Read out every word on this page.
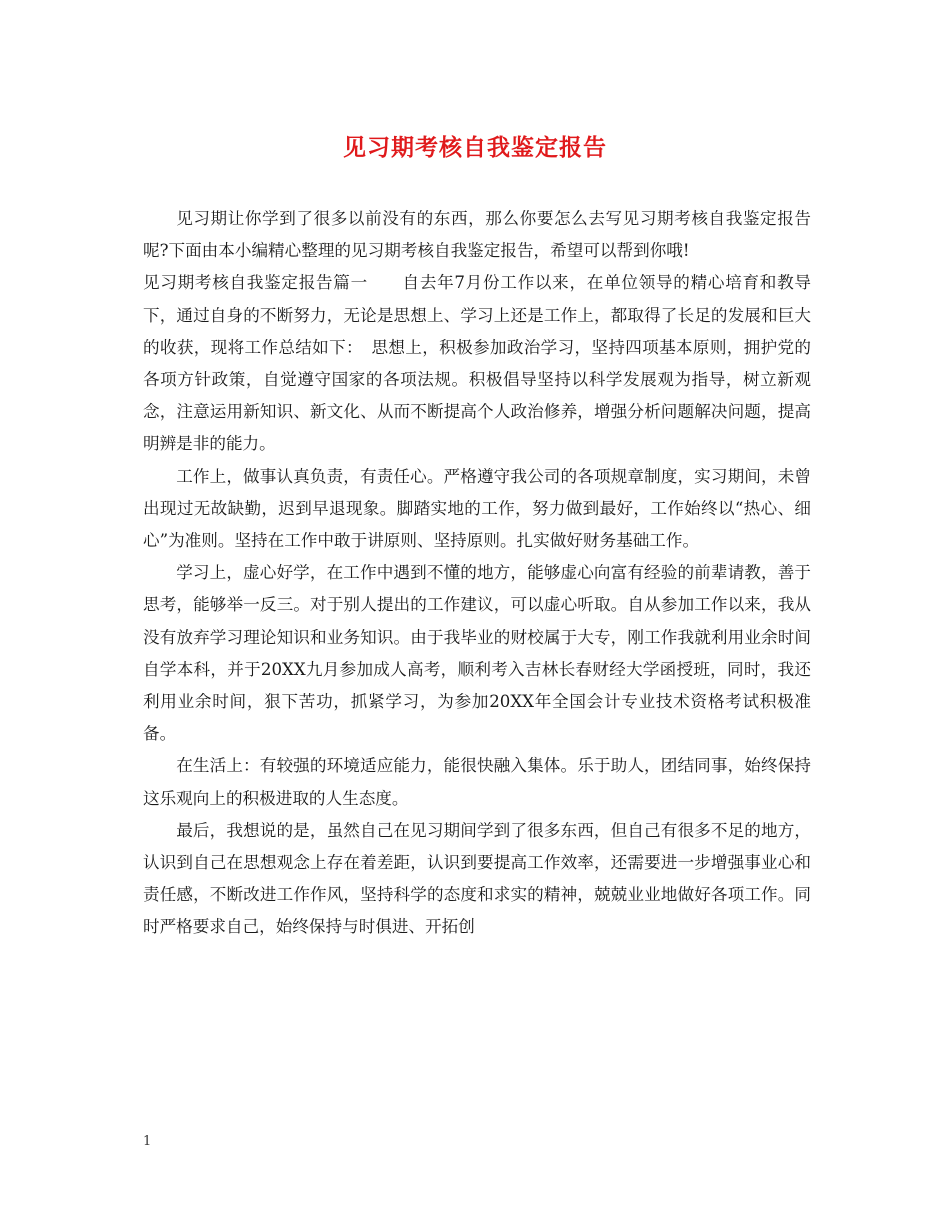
见习期考核自我鉴定报告

见习期让你学到了很多以前没有的东西，那么你要怎么去写见习期考核自我鉴定报告呢?下面由本小编精心整理的见习期考核自我鉴定报告，希望可以帮到你哦!

见习期考核自我鉴定报告篇一　　自去年7月份工作以来，在单位领导的精心培育和教导下，通过自身的不断努力，无论是思想上、学习上还是工作上，都取得了长足的发展和巨大的收获，现将工作总结如下：　思想上，积极参加政治学习，坚持四项基本原则，拥护党的各项方针政策，自觉遵守国家的各项法规。积极倡导坚持以科学发展观为指导，树立新观念，注意运用新知识、新文化、从而不断提高个人政治修养，增强分析问题解决问题，提高明辨是非的能力。

工作上，做事认真负责，有责任心。严格遵守我公司的各项规章制度，实习期间，未曾出现过无故缺勤，迟到早退现象。脚踏实地的工作，努力做到最好，工作始终以“热心、细心”为准则。坚持在工作中敢于讲原则、坚持原则。扎实做好财务基础工作。

学习上，虚心好学，在工作中遇到不懂的地方，能够虚心向富有经验的前辈请教，善于思考，能够举一反三。对于别人提出的工作建议，可以虚心听取。自从参加工作以来，我从没有放弃学习理论知识和业务知识。由于我毕业的财校属于大专，刚工作我就利用业余时间自学本科，并于20XX九月参加成人高考，顺利考入吉林长春财经大学函授班，同时，我还利用业余时间，狠下苦功，抓紧学习，为参加20XX年全国会计专业技术资格考试积极准备。

在生活上：有较强的环境适应能力，能很快融入集体。乐于助人，团结同事，始终保持这乐观向上的积极进取的人生态度。

最后，我想说的是，虽然自己在见习期间学到了很多东西，但自己有很多不足的地方，认识到自己在思想观念上存在着差距，认识到要提高工作效率，还需要进一步增强事业心和责任感，不断改进工作作风，坚持科学的态度和求实的精神，兢兢业业地做好各项工作。同时严格要求自己，始终保持与时俱进、开拓创

1
